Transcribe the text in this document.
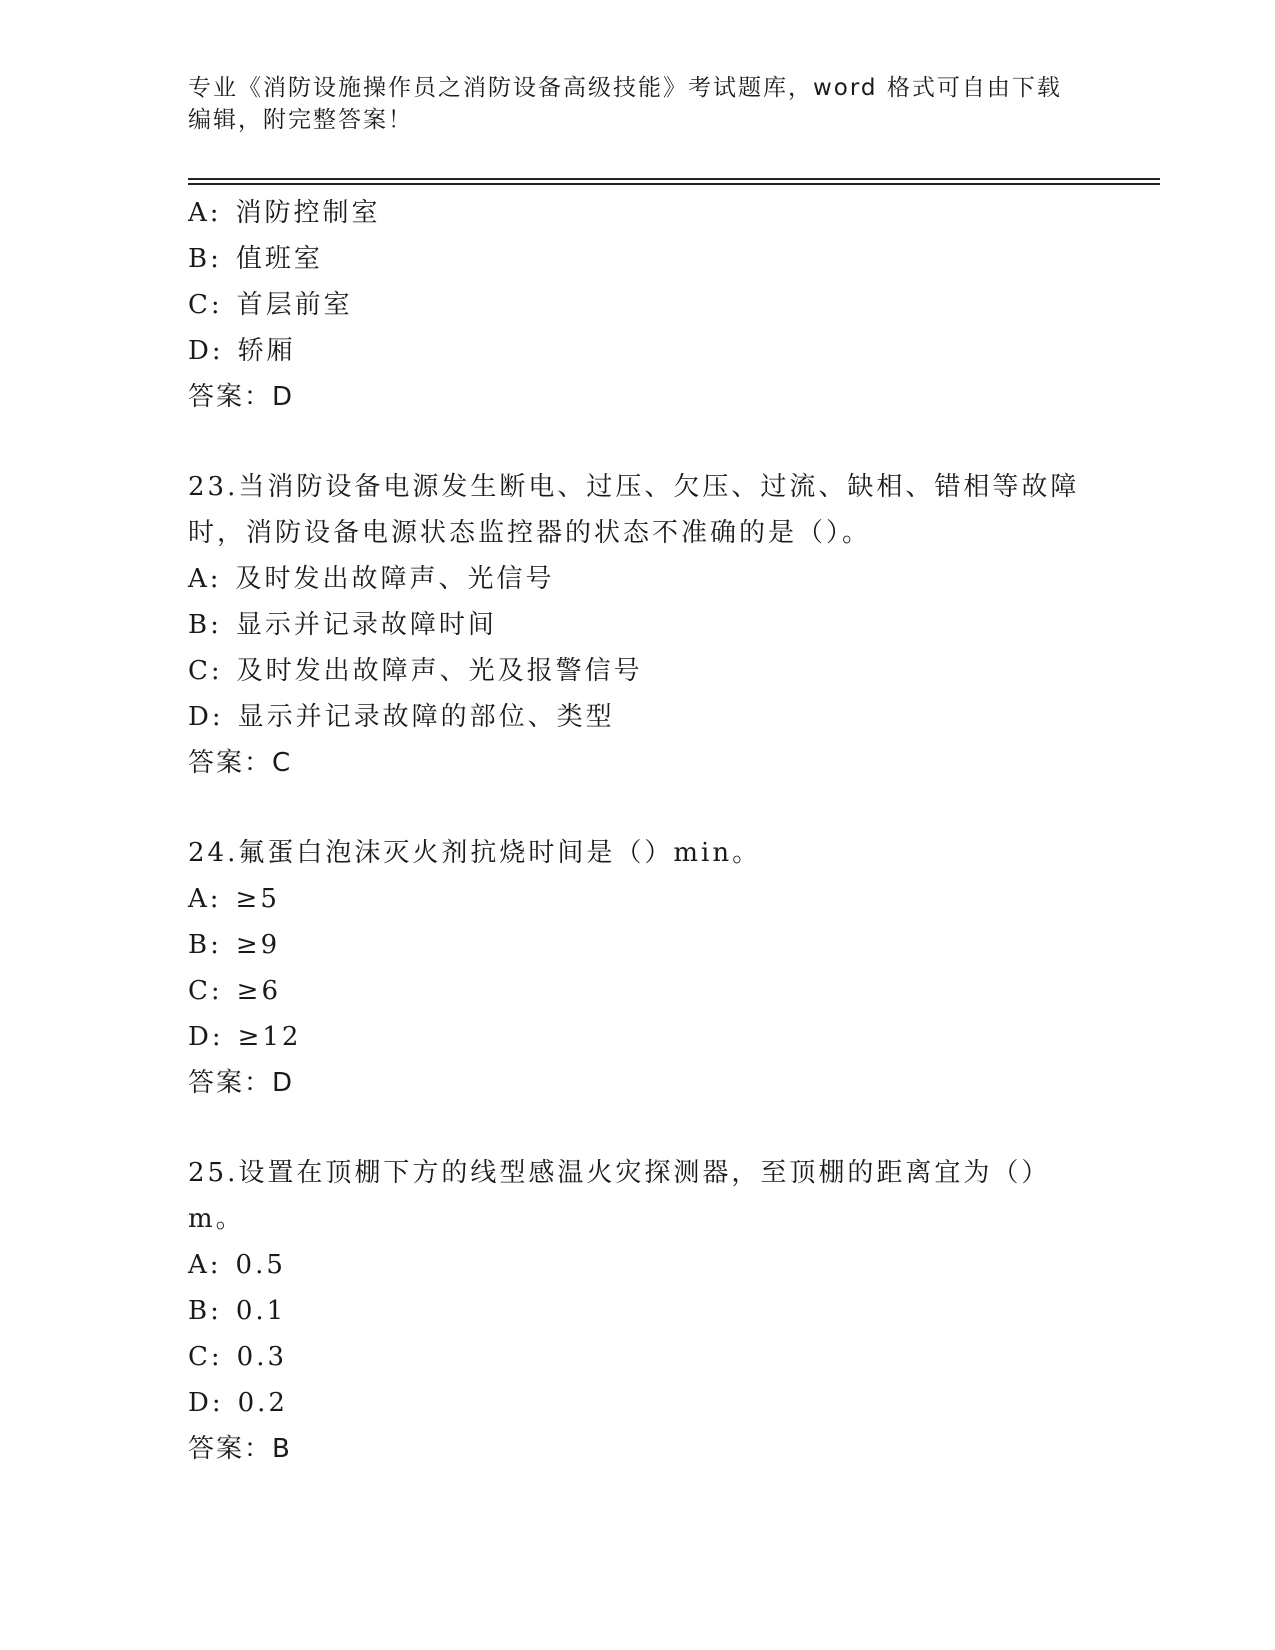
专业《消防设施操作员之消防设备高级技能》考试题库，word 格式可自由下载编辑，附完整答案！
A: 消防控制室
B: 值班室
C: 首层前室
D: 轿厢
答案：D
23.当消防设备电源发生断电、过压、欠压、过流、缺相、错相等故障时，消防设备电源状态监控器的状态不准确的是（）。
A: 及时发出故障声、光信号
B: 显示并记录故障时间
C: 及时发出故障声、光及报警信号
D: 显示并记录故障的部位、类型
答案：C
24.氟蛋白泡沫灭火剂抗烧时间是（）min。
A: ≥5
B: ≥9
C: ≥6
D: ≥12
答案：D
25.设置在顶棚下方的线型感温火灾探测器，至顶棚的距离宜为（）m。
A: 0.5
B: 0.1
C: 0.3
D: 0.2
答案：B
